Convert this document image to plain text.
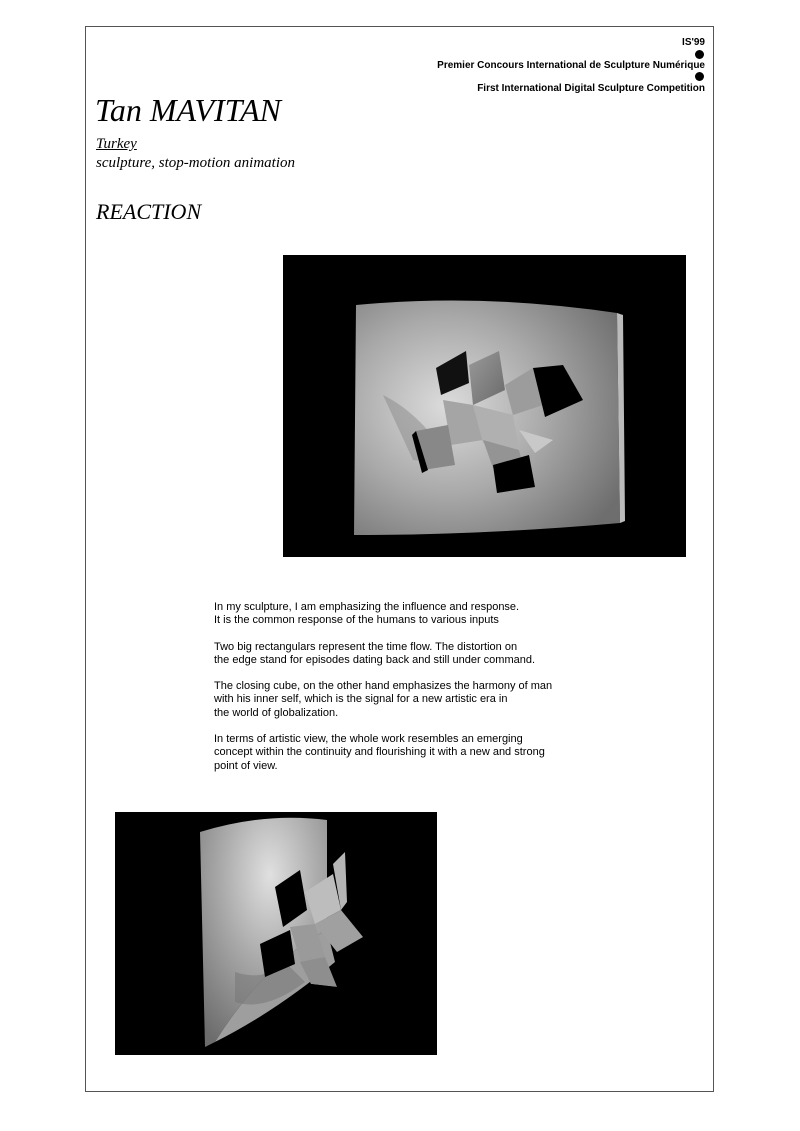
IS'99
Premier Concours International de Sculpture Numérique
First International Digital Sculpture Competition
Tan MAVITAN
Turkey
sculpture, stop-motion animation
REACTION

In my sculpture, I am emphasizing the influence and response.
It is the common response of the humans to various inputs

Two big rectangulars represent the time flow. The distortion on
the edge stand for episodes dating back and still under command.

The closing cube, on the other hand emphasizes the harmony of man
with his inner self, which is the signal for a new artistic era in
the world of globalization.

In terms of artistic view, the whole work resembles an emerging
concept within the continuity and flourishing it with a new and strong
point of view.
